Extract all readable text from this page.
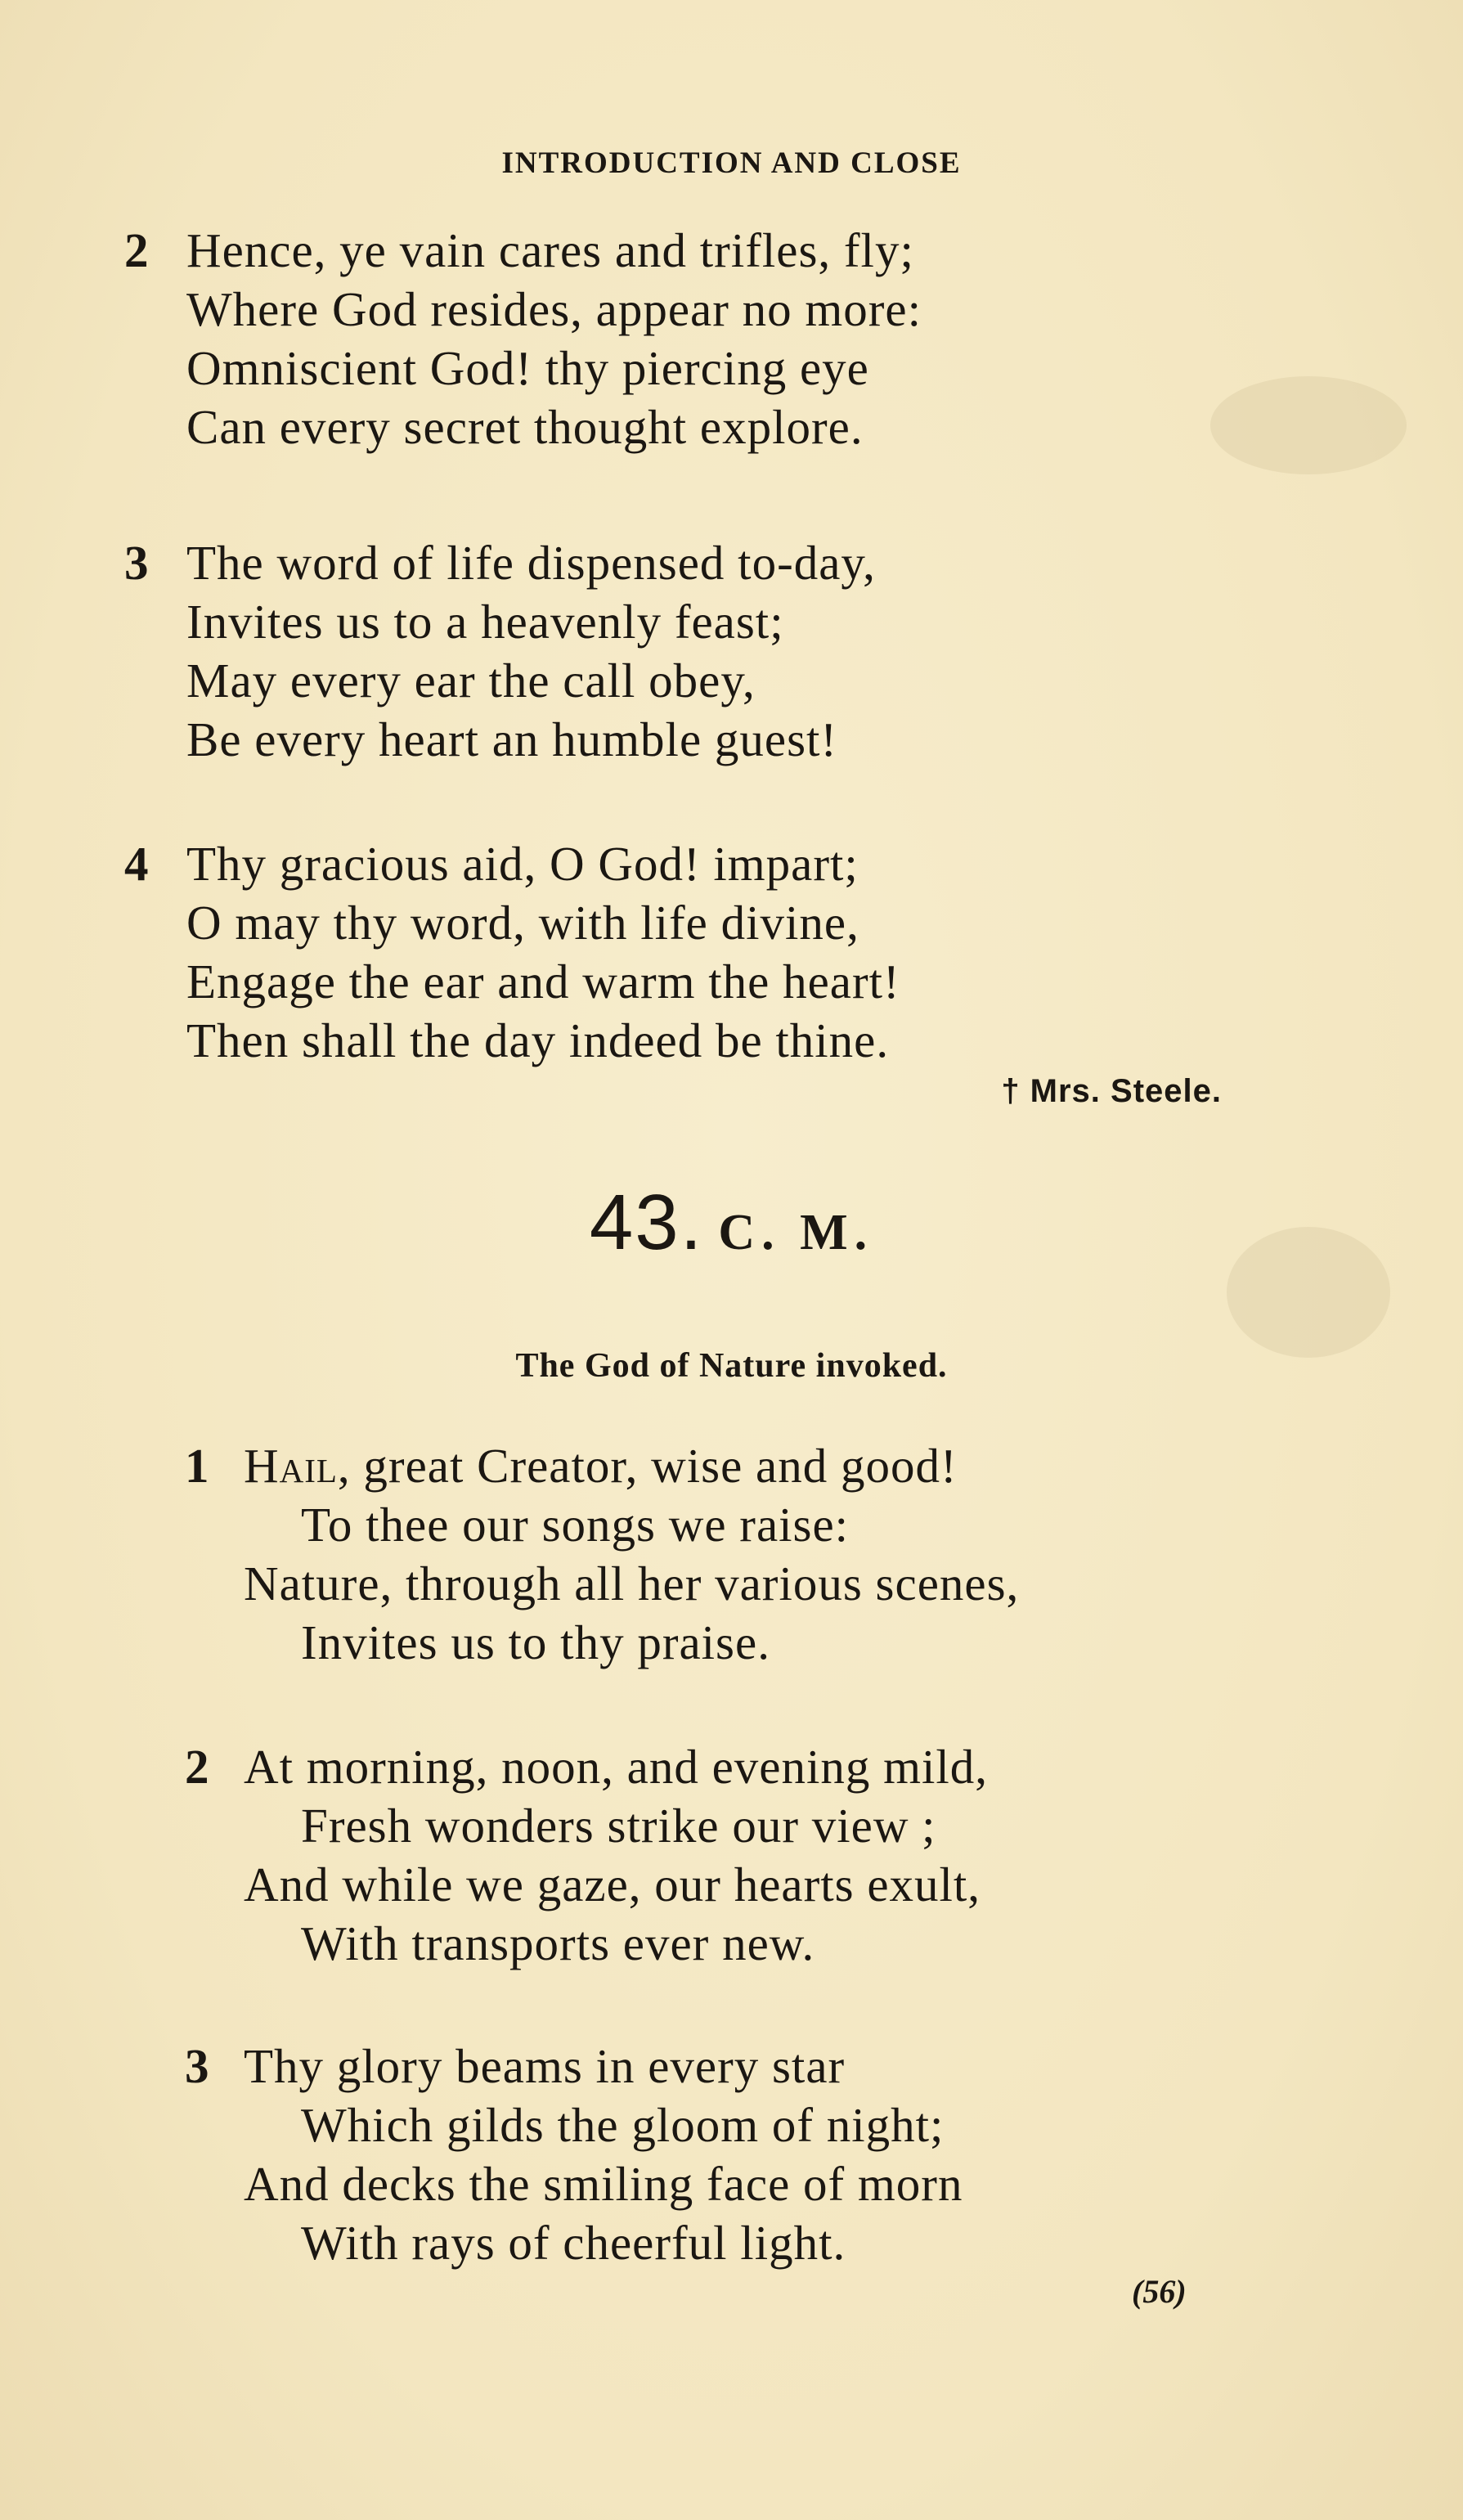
INTRODUCTION AND CLOSE
2 Hence, ye vain cares and trifles, fly;
Where God resides, appear no more:
Omniscient God! thy piercing eye
Can every secret thought explore.
3 The word of life dispensed to-day,
Invites us to a heavenly feast;
May every ear the call obey,
Be every heart an humble guest!
4 Thy gracious aid, O God! impart;
O may thy word, with life divine,
Engage the ear and warm the heart!
Then shall the day indeed be thine.
† Mrs. Steele.
43. C. M.
The God of Nature invoked.
1 Hail, great Creator, wise and good!
To thee our songs we raise:
Nature, through all her various scenes,
Invites us to thy praise.
2 At morning, noon, and evening mild,
Fresh wonders strike our view ;
And while we gaze, our hearts exult,
With transports ever new.
3 Thy glory beams in every star
Which gilds the gloom of night;
And decks the smiling face of morn
With rays of cheerful light.
(56)
